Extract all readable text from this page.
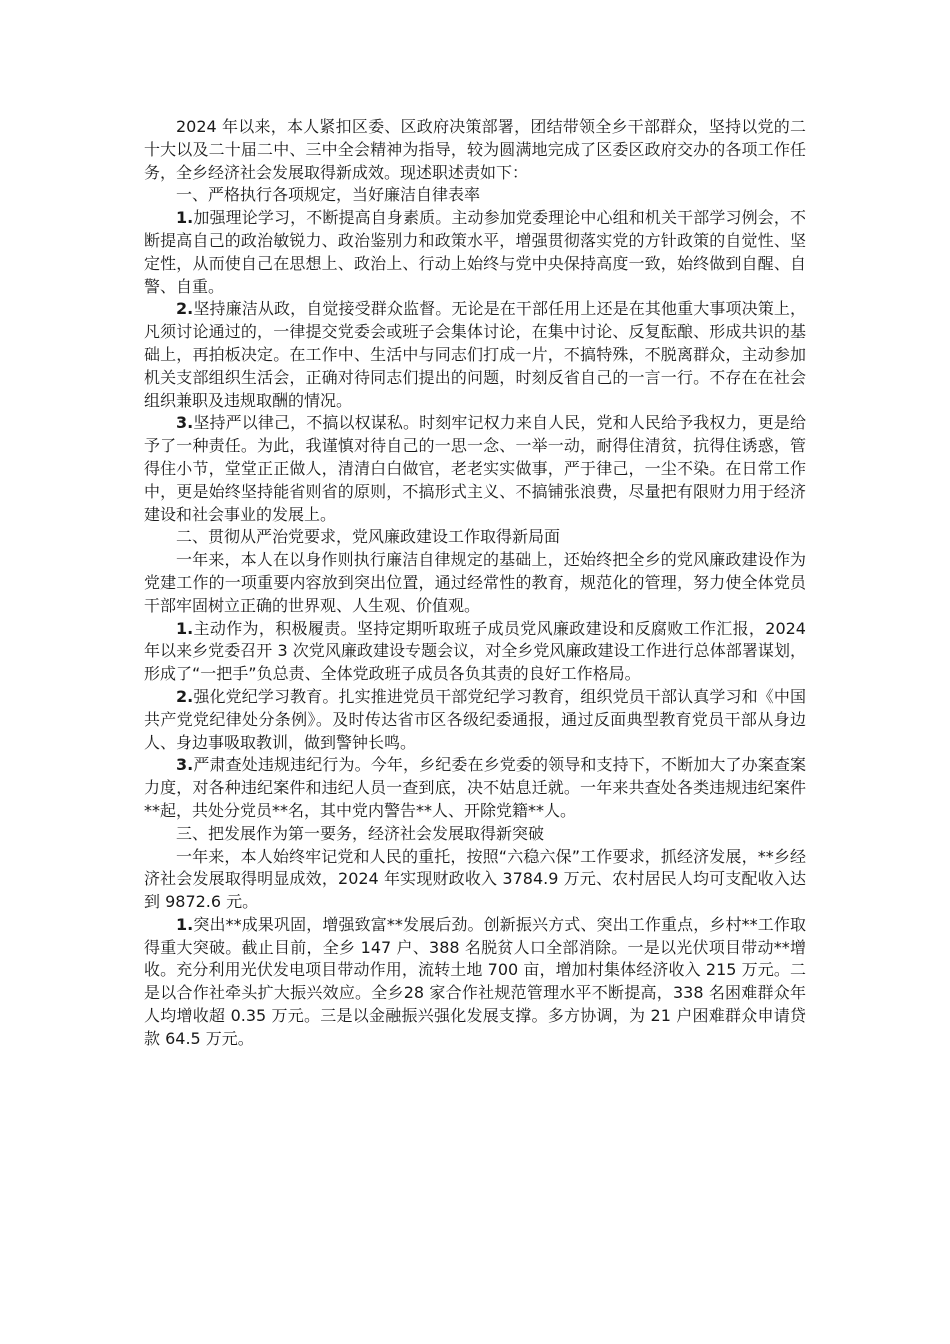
2024 年以来，本人紧扣区委、区政府决策部署，团结带领全乡干部群众，坚持以党的二十大以及二十届二中、三中全会精神为指导，较为圆满地完成了区委区政府交办的各项工作任务，全乡经济社会发展取得新成效。现述职述责如下：

一、严格执行各项规定，当好廉洁自律表率

1.加强理论学习，不断提高自身素质。主动参加党委理论中心组和机关干部学习例会，不断提高自己的政治敏锐力、政治鉴别力和政策水平，增强贯彻落实党的方针政策的自觉性、坚定性，从而使自己在思想上、政治上、行动上始终与党中央保持高度一致，始终做到自醒、自警、自重。

2.坚持廉洁从政，自觉接受群众监督。无论是在干部任用上还是在其他重大事项决策上，凡须讨论通过的，一律提交党委会或班子会集体讨论，在集中讨论、反复酝酿、形成共识的基础上，再拍板决定。在工作中、生活中与同志们打成一片，不搞特殊，不脱离群众，主动参加机关支部组织生活会，正确对待同志们提出的问题，时刻反省自己的一言一行。不存在在社会组织兼职及违规取酬的情况。

3.坚持严以律己，不搞以权谋私。时刻牢记权力来自人民，党和人民给予我权力，更是给予了一种责任。为此，我谨慎对待自己的一思一念、一举一动，耐得住清贫，抗得住诱惑，管得住小节，堂堂正正做人，清清白白做官，老老实实做事，严于律己，一尘不染。在日常工作中，更是始终坚持能省则省的原则，不搞形式主义、不搞铺张浪费，尽量把有限财力用于经济建设和社会事业的发展上。

二、贯彻从严治党要求，党风廉政建设工作取得新局面

一年来，本人在以身作则执行廉洁自律规定的基础上，还始终把全乡的党风廉政建设作为党建工作的一项重要内容放到突出位置，通过经常性的教育，规范化的管理，努力使全体党员干部牢固树立正确的世界观、人生观、价值观。

1.主动作为，积极履责。坚持定期听取班子成员党风廉政建设和反腐败工作汇报，2024 年以来乡党委召开 3 次党风廉政建设专题会议，对全乡党风廉政建设工作进行总体部署谋划，形成了“一把手”负总责、全体党政班子成员各负其责的良好工作格局。

2.强化党纪学习教育。扎实推进党员干部党纪学习教育，组织党员干部认真学习和《中国共产党党纪律处分条例》。及时传达省市区各级纪委通报，通过反面典型教育党员干部从身边人、身边事吸取教训，做到警钟长鸣。

3.严肃查处违规违纪行为。今年，乡纪委在乡党委的领导和支持下，不断加大了办案查案力度，对各种违纪案件和违纪人员一查到底，决不姑息迁就。一年来共查处各类违规违纪案件**起，共处分党员**名，其中党内警告**人、开除党籍**人。

三、把发展作为第一要务，经济社会发展取得新突破

一年来，本人始终牢记党和人民的重托，按照“六稳六保”工作要求，抓经济发展，**乡经济社会发展取得明显成效，2024 年实现财政收入 3784.9 万元、农村居民人均可支配收入达到 9872.6 元。

1.突出**成果巩固，增强致富**发展后劲。创新振兴方式、突出工作重点，乡村**工作取得重大突破。截止目前，全乡 147 户、388 名脱贫人口全部消除。一是以光伏项目带动**增收。充分利用光伏发电项目带动作用，流转土地 700 亩，增加村集体经济收入 215 万元。二是以合作社牵头扩大振兴效应。全乡28 家合作社规范管理水平不断提高，338 名困难群众年人均增收超 0.35 万元。三是以金融振兴强化发展支撑。多方协调，为 21 户困难群众申请贷款 64.5 万元。
